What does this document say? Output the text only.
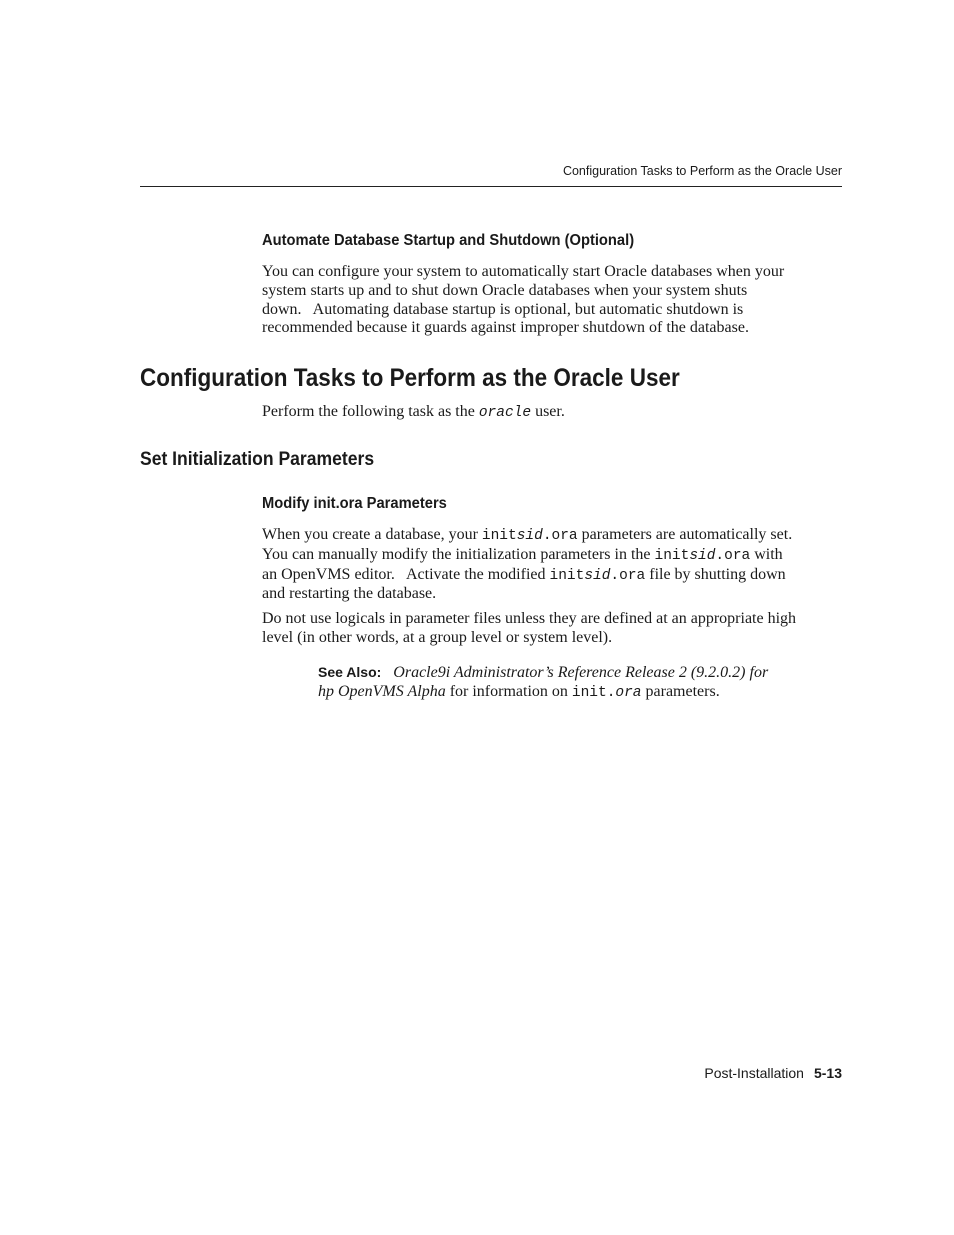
Configuration Tasks to Perform as the Oracle User
Automate Database Startup and Shutdown (Optional)
You can configure your system to automatically start Oracle databases when your
system starts up and to shut down Oracle databases when your system shuts
down.   Automating database startup is optional, but automatic shutdown is
recommended because it guards against improper shutdown of the database.
Configuration Tasks to Perform as the Oracle User
Perform the following task as the oracle user.
Set Initialization Parameters
Modify init.ora Parameters
When you create a database, your initsid.ora parameters are automatically set.
You can manually modify the initialization parameters in the initsid.ora with
an OpenVMS editor.   Activate the modified initsid.ora file by shutting down
and restarting the database.
Do not use logicals in parameter files unless they are defined at an appropriate high
level (in other words, at a group level or system level).
See Also: Oracle9i Administrator’s Reference Release 2 (9.2.0.2) for
hp OpenVMS Alpha for information on init.ora parameters.
Post-Installation 5-13
